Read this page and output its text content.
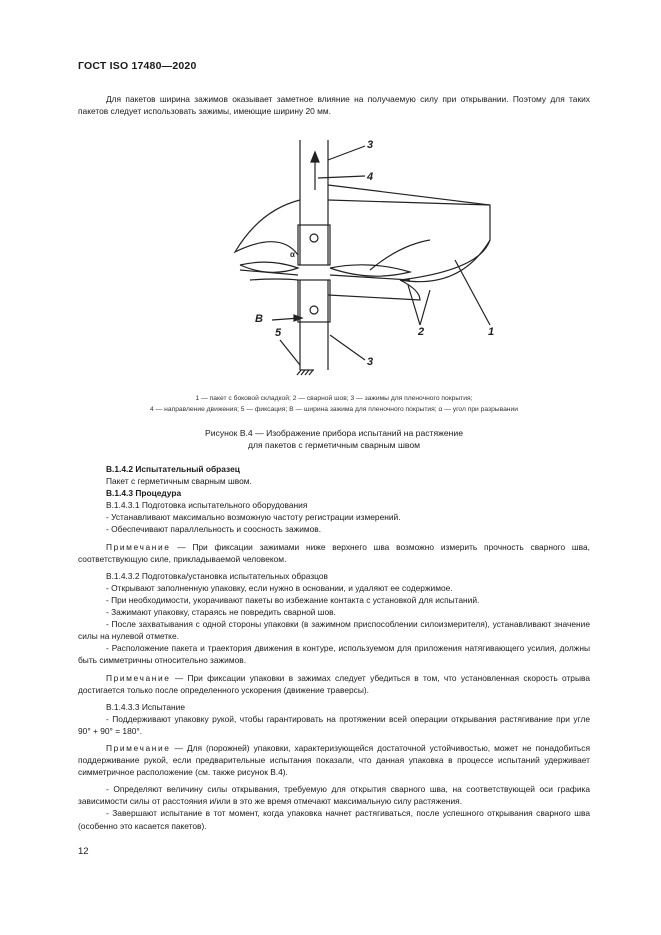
ГОСТ ISO 17480—2020

Для пакетов ширина зажимов оказывает заметное влияние на получаемую силу при открывании. Поэтому для таких пакетов следует использовать зажимы, имеющие ширину 20 мм.

3
4
α
B
5	2	1
3
1 — пакет с боковой складкой; 2 — сварной шов; 3 — зажимы для пленочного покрытия;
4 — направление движения; 5 — фиксация; B — ширина зажима для пленочного покрытия; α — угол при разрывании
Рисунок B.4 — Изображение прибора испытаний на растяжение
для пакетов с герметичным сварным швом

B.1.4.2 Испытательный образец

Пакет с герметичным сварным швом.

B.1.4.3 Процедура

B.1.4.3.1 Подготовка испытательного оборудования

- Устанавливают максимально возможную частоту регистрации измерений.

- Обеспечивают параллельность и соосность зажимов.

Примечание — При фиксации зажимами ниже верхнего шва возможно измерить прочность сварного шва, соответствующую силе, прикладываемой человеком.

B.1.4.3.2 Подготовка/установка испытательных образцов

- Открывают заполненную упаковку, если нужно в основании, и удаляют ее содержимое.

- При необходимости, укорачивают пакеты во избежание контакта с установкой для испытаний.

- Зажимают упаковку, стараясь не повредить сварной шов.

- После захватывания с одной стороны упаковки (в зажимном приспособлении силоизмерителя), устанавливают значение силы на нулевой отметке.

- Расположение пакета и траектория движения в контуре, используемом для приложения натягивающего усилия, должны быть симметричны относительно зажимов.

Примечание — При фиксации упаковки в зажимах следует убедиться в том, что установленная скорость отрыва достигается только после определенного ускорения (движение траверсы).

B.1.4.3.3 Испытание

- Поддерживают упаковку рукой, чтобы гарантировать на протяжении всей операции открывания растягивание при угле 90° + 90° = 180°.

Примечание — Для (порожней) упаковки, характеризующейся достаточной устойчивостью, может не понадобиться поддерживание рукой, если предварительные испытания показали, что данная упаковка в процессе испытаний удерживает симметричное расположение (см. также рисунок B.4).

- Определяют величину силы открывания, требуемую для открытия сварного шва, на соответствующей оси графика зависимости силы от расстояния и/или в это же время отмечают максимальную силу растяжения.

- Завершают испытание в тот момент, когда упаковка начнет растягиваться, после успешного открывания сварного шва (особенно это касается пакетов).

12
